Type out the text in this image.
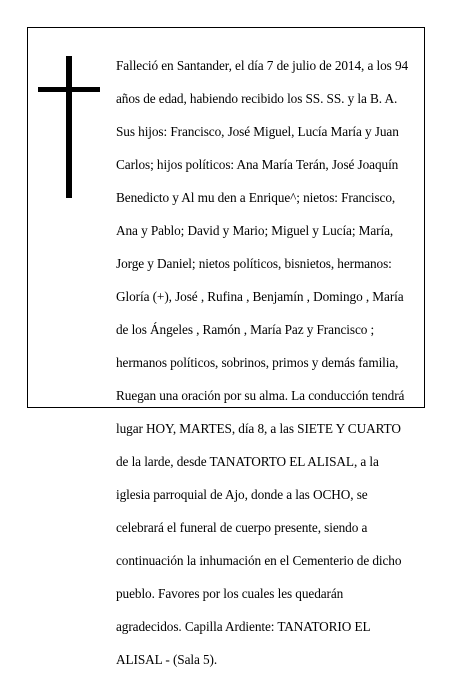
Falleció en Santander, el día 7 de julio de 2014, a los 94

años de edad, habiendo recibido los SS. SS. y la B. A.

Sus hijos: Francisco, José Miguel, Lucía María y Juan

Carlos; hijos políticos: Ana María Terán, José Joaquín

Benedicto y Al mu den a Enrique^; nietos: Francisco,

Ana y Pablo; David y Mario; Miguel y Lucía; María,

Jorge y Daniel; nietos políticos, bisnietos, hermanos:

Gloría (+), José , Rufina , Benjamín , Domingo , María

de los Ángeles , Ramón , María Paz y Francisco ;

hermanos políticos, sobrinos, primos y demás familia,

Ruegan una oración por su alma. La conducción tendrá

lugar HOY, MARTES, día 8, a las SIETE Y CUARTO

de la larde, desde TANATORTO EL ALISAL, a la

iglesia parroquial de Ajo, donde a las OCHO, se

celebrará el funeral de cuerpo presente, siendo a

continuación la inhumación en el Cementerio de dicho

pueblo. Favores por los cuales les quedarán

agradecidos. Capilla Ardiente: TANATORIO EL

ALISAL - (Sala 5).
